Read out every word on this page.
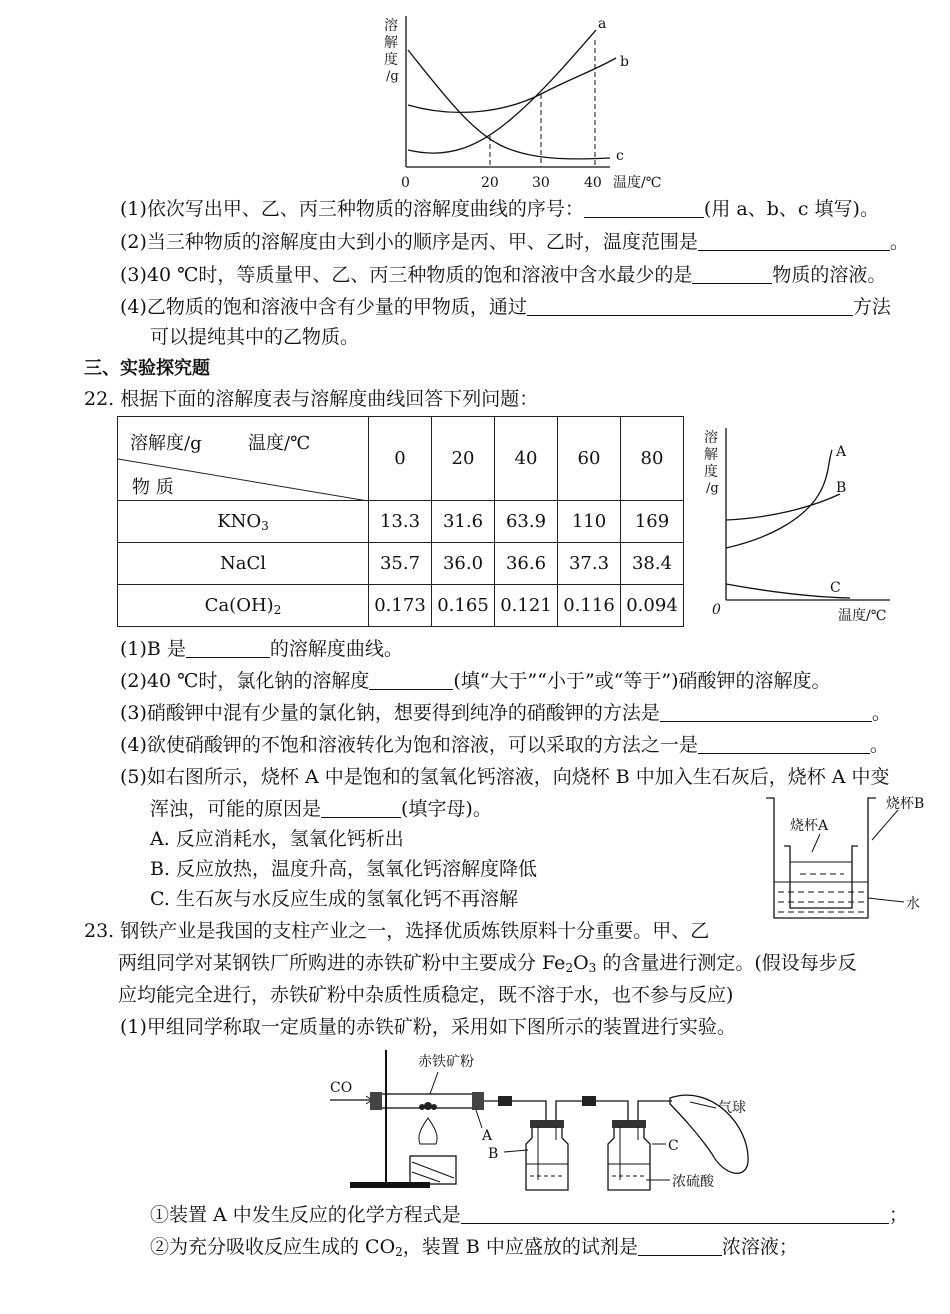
溶
解
度
/g
0	20 30 40 温度/℃
a
b
c
(1)依次写出甲、乙、丙三种物质的溶解度曲线的序号：	(用 a、b、c 填写)。
(2)当三种物质的溶解度由大到小的顺序是丙、甲、乙时，温度范围是	。
(3)40 ℃时，等质量甲、乙、丙三种物质的饱和溶液中含水最少的是	物质的溶液。
(4)乙物质的饱和溶液中含有少量的甲物质，通过	方法
可以提纯其中的乙物质。
三、实验探究题
22. 根据下面的溶解度表与溶解度曲线回答下列问题：
溶解度/g 温度/℃
物 质	0	20	40	60	80
$KNO_3$	13.3	31.6	63.9	110	169
NaCl	35.7	36.0	36.6	37.3	38.4
$Ca(OH)_2$	0.173	0.165	0.121	0.116	0.094
溶
解
度
/g
0	温度/℃
A
B
C
(1)B 是	的溶解度曲线。
(2)40 ℃时，氯化钠的溶解度	(填“大于”“小于”或“等于”)硝酸钾的溶解度。
(3)硝酸钾中混有少量的氯化钠，想要得到纯净的硝酸钾的方法是	。
(4)欲使硝酸钾的不饱和溶液转化为饱和溶液，可以采取的方法之一是	。
(5)如右图所示，烧杯 A 中是饱和的氢氧化钙溶液，向烧杯 B 中加入生石灰后，烧杯 A 中变
浑浊，可能的原因是	(填字母)。
A. 反应消耗水，氢氧化钙析出
B. 反应放热，温度升高，氢氧化钙溶解度降低
C. 生石灰与水反应生成的氢氧化钙不再溶解
烧杯A
烧杯B
水
23. 钢铁产业是我国的支柱产业之一，选择优质炼铁原料十分重要。甲、乙
两组同学对某钢铁厂所购进的赤铁矿粉中主要成分 $Fe_2O_3$ 的含量进行测定。(假设每步反
应均能完全进行，赤铁矿粉中杂质性质稳定，既不溶于水，也不参与反应)
(1)甲组同学称取一定质量的赤铁矿粉，采用如下图所示的装置进行实验。
CO
赤铁矿粉
A
B	C
浓硫酸
气球
①装置 A 中发生反应的化学方程式是	；
②为充分吸收反应生成的 $CO_2$，装置 B 中应盛放的试剂是	浓溶液；
